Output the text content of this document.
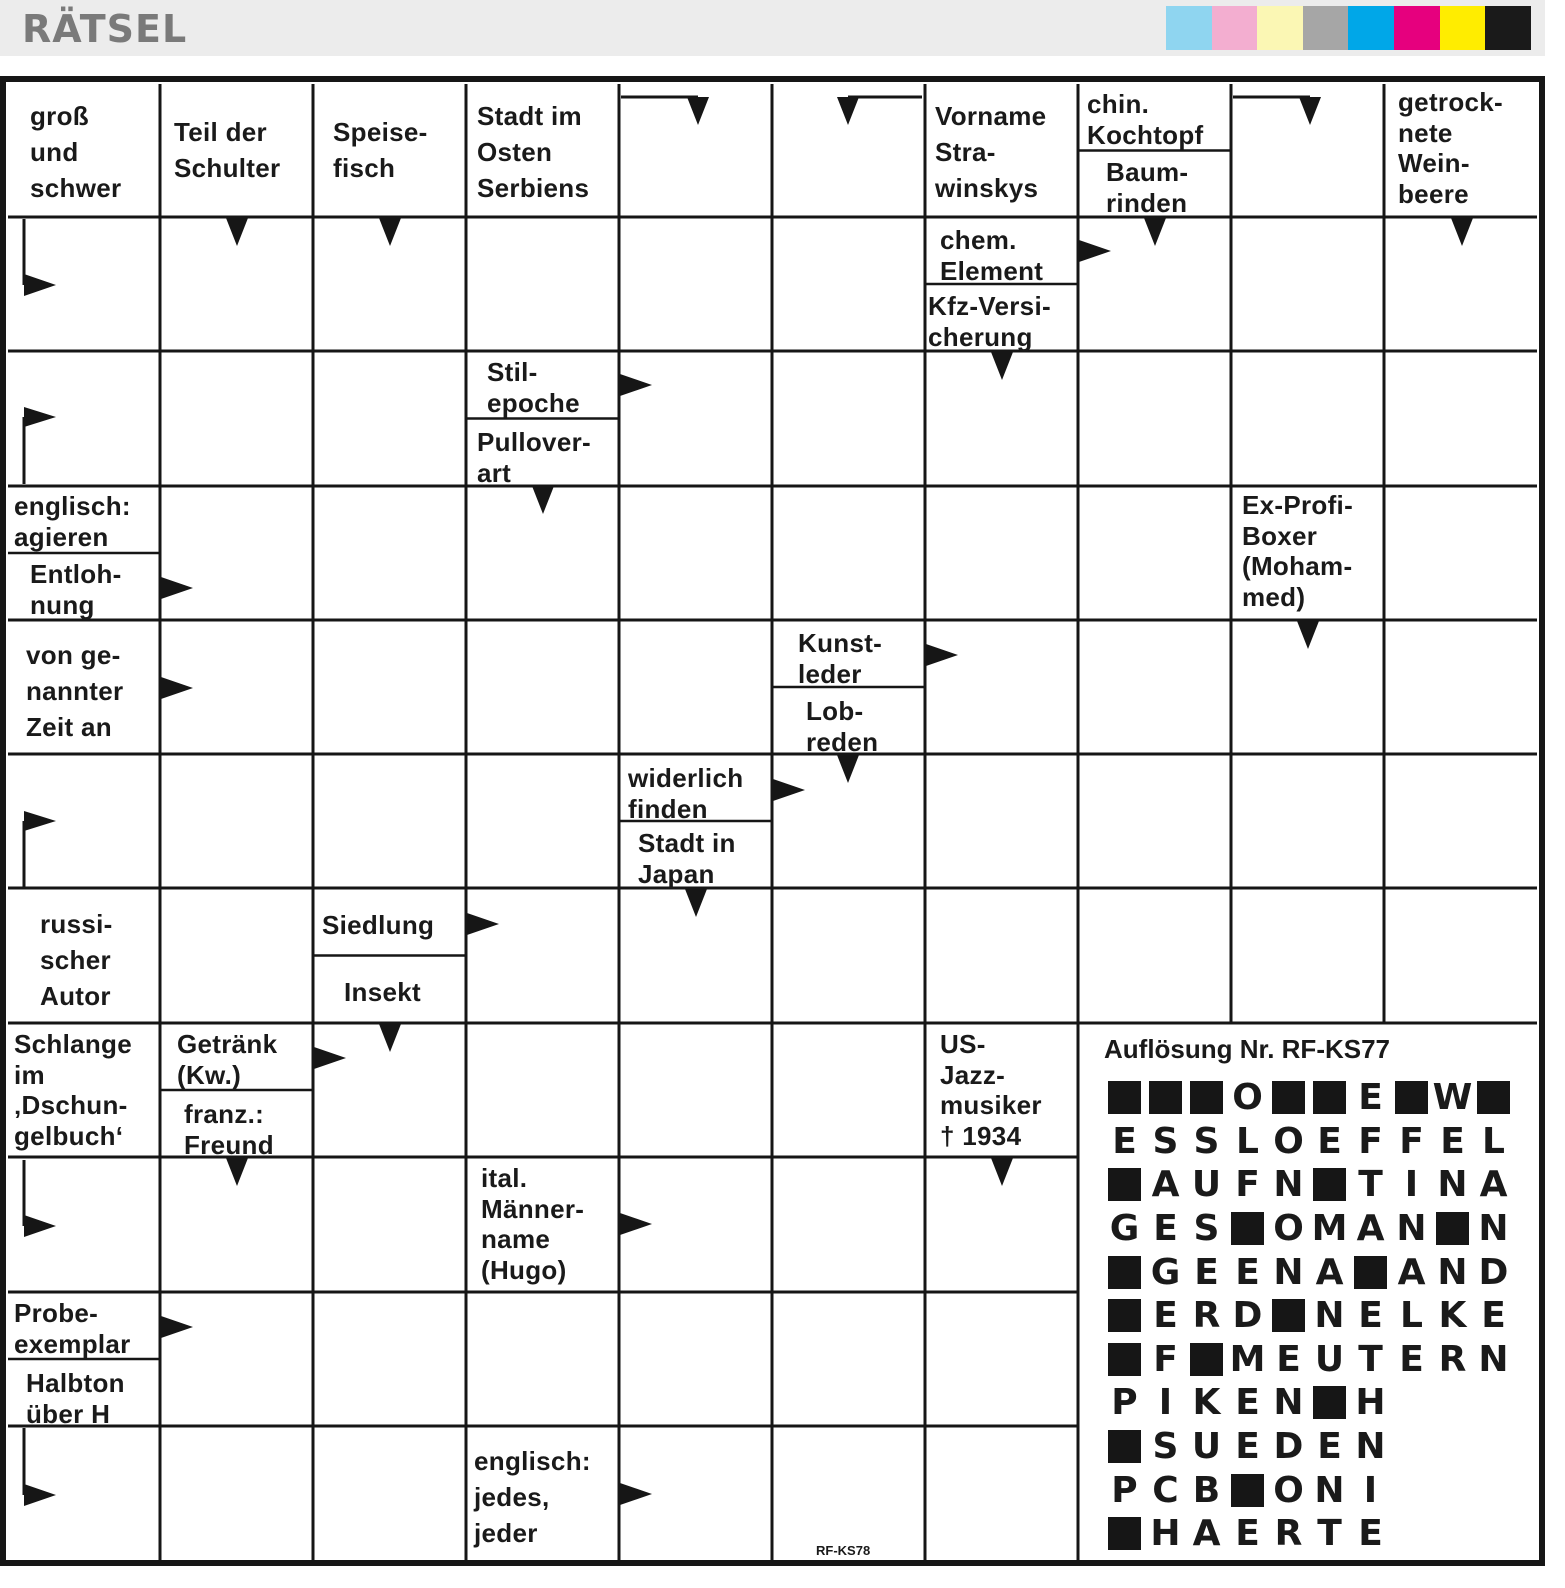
RÄTSEL
groß
und
schwer
Teil der
Schulter
Speise-
fisch
Stadt im
Osten
Serbiens
Vorname
Stra-
winskys
chin.
Kochtopf
Baum-
rinden
getrock-
nete
Wein-
beere
chem.
Element
Kfz-Versi-
cherung
Stil-
epoche
Pullover-
art
englisch:
agieren
Entloh-
nung
Ex-Profi-
Boxer
(Moham-
med)
von ge-
nannter
Zeit an
Kunst-
leder
Lob-
reden
widerlich
finden
Stadt in
Japan
russi-
scher
Autor
Siedlung
Insekt
Schlange
im
‚Dschun-
gelbuch‘
Getränk
(Kw.)
franz.:
Freund
US-
Jazz-
musiker
† 1934
ital.
Männer-
name
(Hugo)
Probe-
exemplar
Halbton
über H
englisch:
jedes,
jeder
Auflösung Nr. RF-KS77
O	E W
E S S L O E F F E L
A U F N T I N A
G E S O M A N N
G E E N A A N D
E R D N E L K E
F M E U T E R N
P I K E N H
S U E D E N
P C B O N I
H A E R T E
RF-KS78
